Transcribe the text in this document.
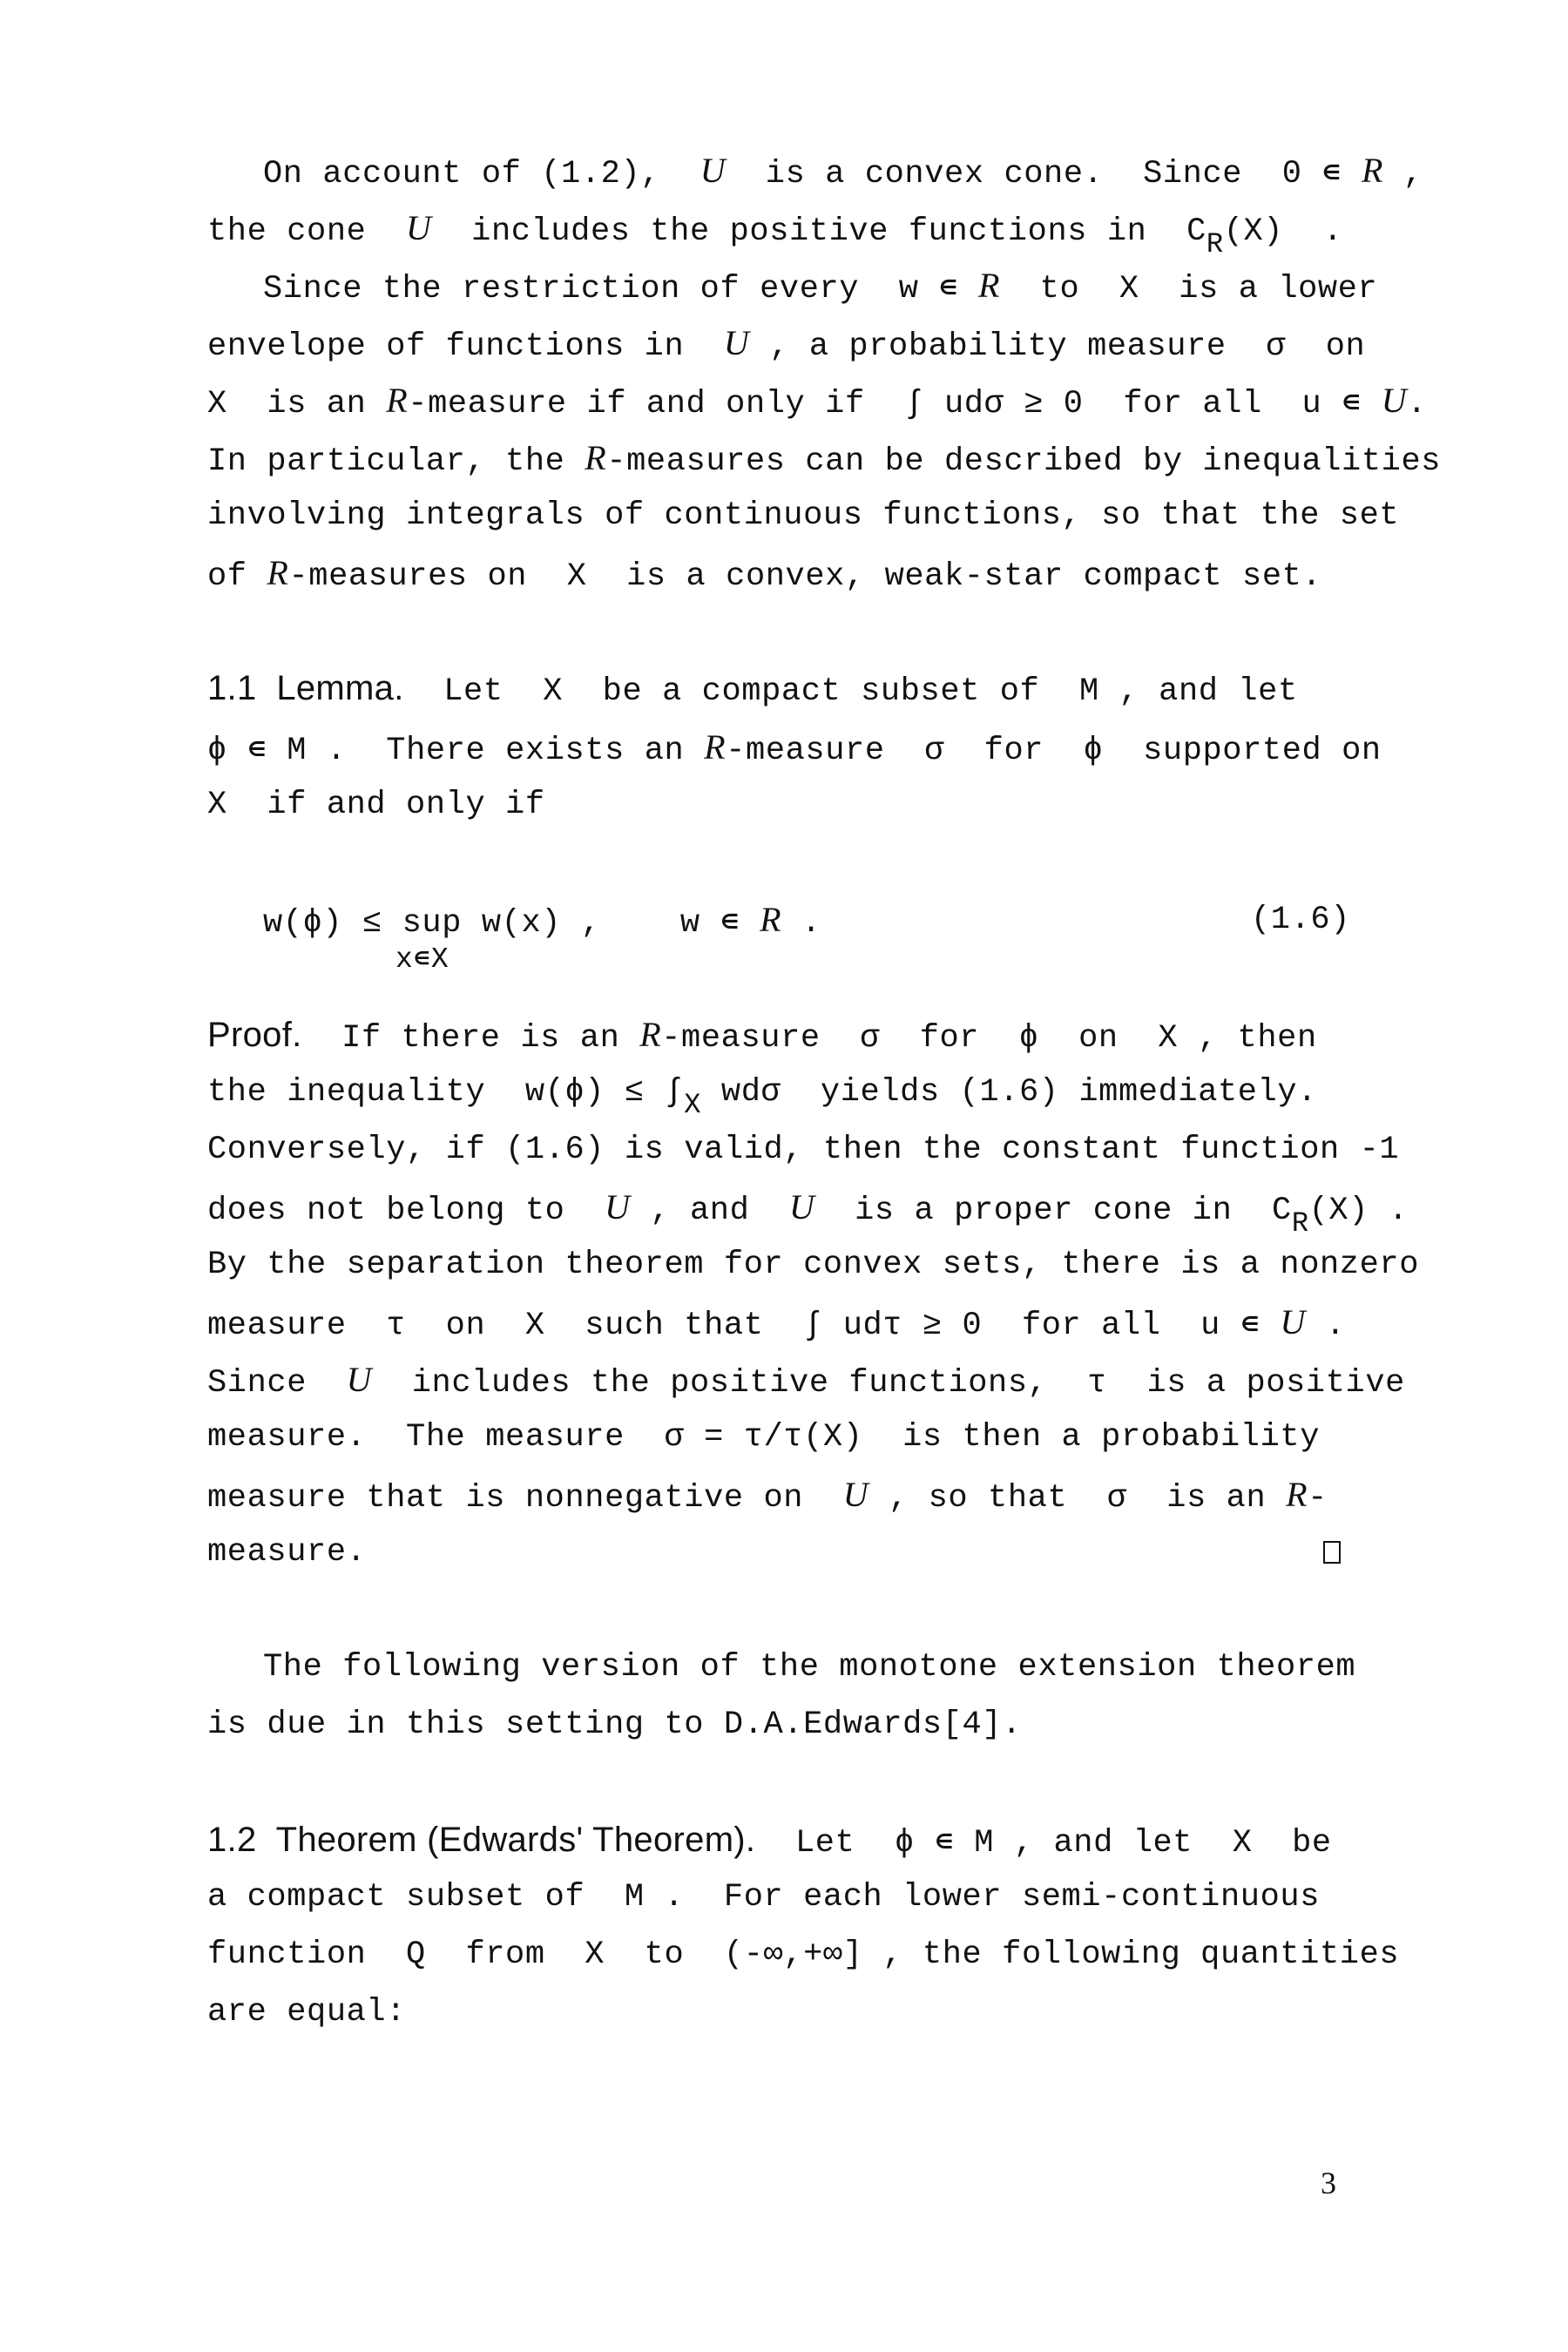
On account of (1.2),  U  is a convex cone.  Since  0 ∊ R ,
the cone  U  includes the positive functions in  CR(X)  .
Since the restriction of every  w ∊ R  to  X  is a lower
envelope of functions in  U , a probability measure  σ  on
X  is an R-measure if and only if  ∫ udσ ≥ 0  for all  u ∊ U.
In particular, the R-measures can be described by inequalities
involving integrals of continuous functions, so that the set
of R-measures on  X  is a convex, weak-star compact set.
1.1  Lemma.  Let  X  be a compact subset of  M , and let
ϕ ∊ M .  There exists an R-measure  σ  for  ϕ  supported on
X  if and only if
w(ϕ) ≤ sup w(x) ,    w ∊ R .	(1.6)
x∊X
Proof.  If there is an R-measure  σ  for  ϕ  on  X , then
the inequality  w(ϕ) ≤ ∫X wdσ  yields (1.6) immediately.
Conversely, if (1.6) is valid, then the constant function -1
does not belong to  U , and  U  is a proper cone in  CR(X) .
By the separation theorem for convex sets, there is a nonzero
measure  τ  on  X  such that  ∫ udτ ≥ 0  for all  u ∊ U .
Since  U  includes the positive functions,  τ  is a positive
measure.  The measure  σ = τ/τ(X)  is then a probability
measure that is nonnegative on  U , so that  σ  is an R-
measure.
The following version of the monotone extension theorem
is due in this setting to D.A.Edwards[4].
1.2  Theorem (Edwards' Theorem).  Let  ϕ ∊ M , and let  X  be
a compact subset of  M .  For each lower semi-continuous
function  Q  from  X  to  (-∞,+∞] , the following quantities
are equal:
3
